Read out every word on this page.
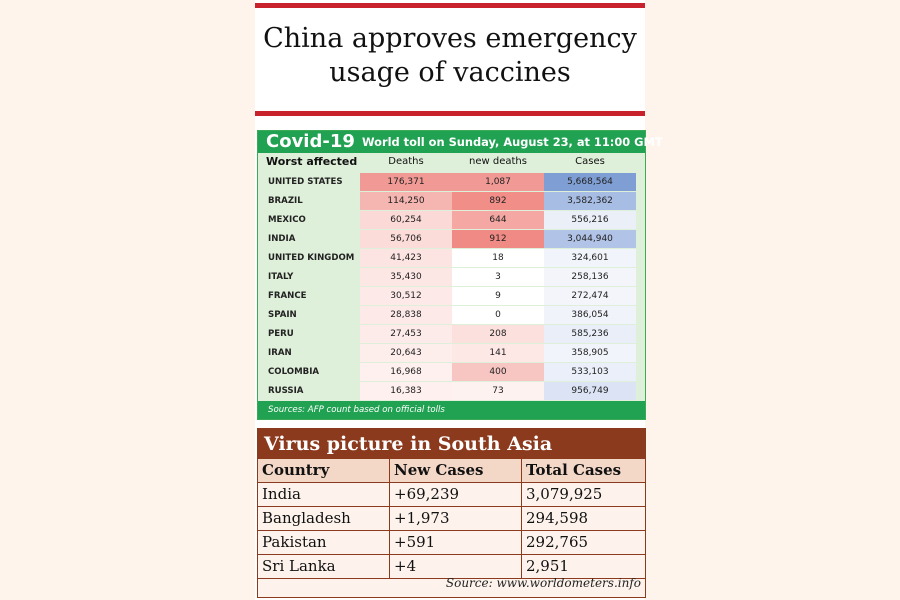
China approves emergency
usage of vaccines
Covid-19 World toll on Sunday, August 23, at 11:00 GMT
Worst affected	Deaths	new deaths	Cases
UNITED STATES	176,371	1,087	5,668,564
BRAZIL	114,250	892	3,582,362
MEXICO	60,254	644	556,216
INDIA	56,706	912	3,044,940
UNITED KINGDOM	41,423	18	324,601
ITALY	35,430	3	258,136
FRANCE	30,512	9	272,474
SPAIN	28,838	0	386,054
PERU	27,453	208	585,236
IRAN	20,643	141	358,905
COLOMBIA	16,968	400	533,103
RUSSIA	16,383	73	956,749
Sources: AFP count based on official tolls
Virus picture in South Asia
Country	New Cases	Total Cases
India	+69,239	3,079,925
Bangladesh	+1,973	294,598
Pakistan	+591	292,765
Sri Lanka	+4	2,951
Source: www.worldometers.info
